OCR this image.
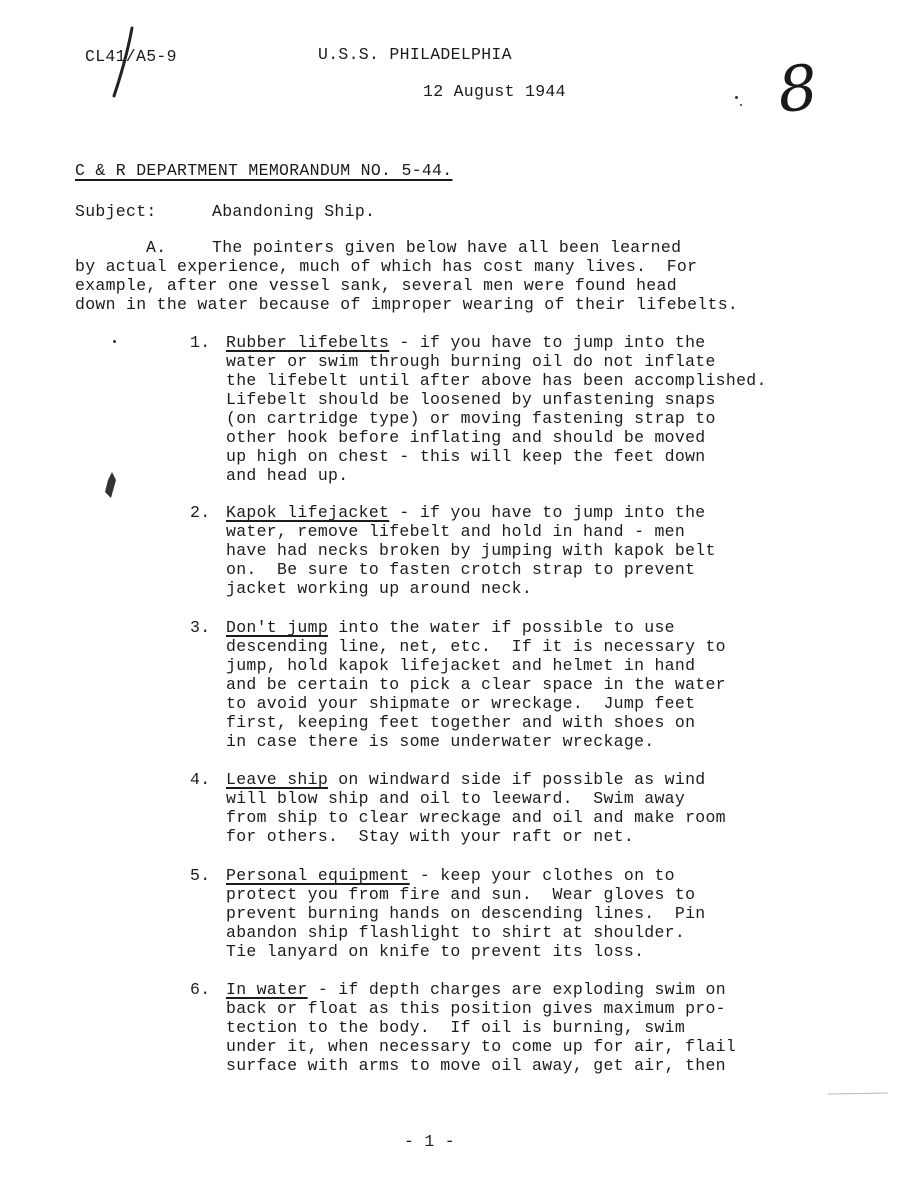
CL41/A5-9	U.S.S. PHILADELPHIA
12 August 1944	8
C & R DEPARTMENT MEMORANDUM NO. 5-44.
Subject:	Abandoning Ship.
A.	The pointers given below have all been learned
by actual experience, much of which has cost many lives.  For
example, after one vessel sank, several men were found head
down in the water because of improper wearing of their lifebelts.
1. Rubber lifebelts - if you have to jump into the
water or swim through burning oil do not inflate
the lifebelt until after above has been accomplished.
Lifebelt should be loosened by unfastening snaps
(on cartridge type) or moving fastening strap to
other hook before inflating and should be moved
up high on chest - this will keep the feet down
and head up.
2. Kapok lifejacket - if you have to jump into the
water, remove lifebelt and hold in hand - men
have had necks broken by jumping with kapok belt
on.  Be sure to fasten crotch strap to prevent
jacket working up around neck.
3. Don't jump into the water if possible to use
descending line, net, etc.  If it is necessary to
jump, hold kapok lifejacket and helmet in hand
and be certain to pick a clear space in the water
to avoid your shipmate or wreckage.  Jump feet
first, keeping feet together and with shoes on
in case there is some underwater wreckage.
4. Leave ship on windward side if possible as wind
will blow ship and oil to leeward.  Swim away
from ship to clear wreckage and oil and make room
for others.  Stay with your raft or net.
5. Personal equipment - keep your clothes on to
protect you from fire and sun.  Wear gloves to
prevent burning hands on descending lines.  Pin
abandon ship flashlight to shirt at shoulder.
Tie lanyard on knife to prevent its loss.
6. In water - if depth charges are exploding swim on
back or float as this position gives maximum pro-
tection to the body.  If oil is burning, swim
under it, when necessary to come up for air, flail
surface with arms to move oil away, get air, then
- 1 -
